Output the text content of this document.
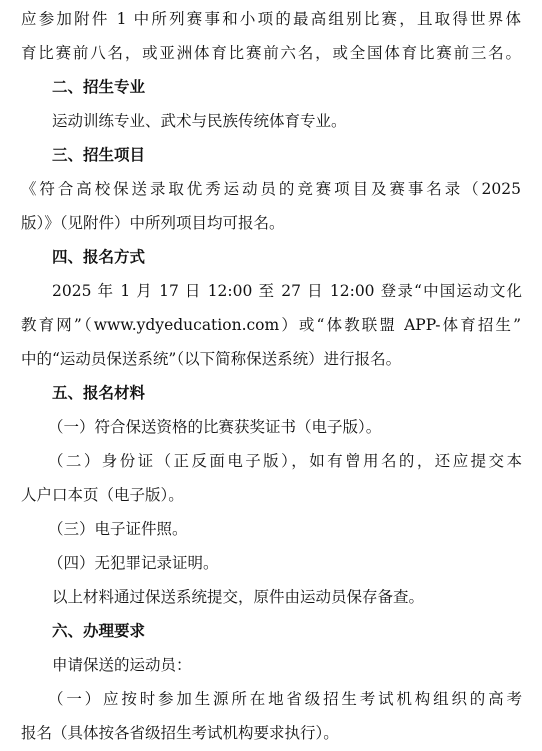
应参加附件 1 中所列赛事和小项的最高组别比赛，且取得世界体
育比赛前八名，或亚洲体育比赛前六名，或全国体育比赛前三名。
二、招生专业
运动训练专业、武术与民族传统体育专业。
三、招生项目
《符合高校保送录取优秀运动员的竞赛项目及赛事名录（2025
版）》（见附件）中所列项目均可报名。
四、报名方式
2025 年 1 月 17 日 12:00 至 27 日 12:00 登录“中国运动文化
教育网”（www.ydyeducation.com）或“体教联盟 APP-体育招生”
中的“运动员保送系统”（以下简称保送系统）进行报名。
五、报名材料
（一）符合保送资格的比赛获奖证书（电子版）。
（二）身份证（正反面电子版），如有曾用名的，还应提交本
人户口本页（电子版）。
（三）电子证件照。
（四）无犯罪记录证明。
以上材料通过保送系统提交，原件由运动员保存备查。
六、办理要求
申请保送的运动员：
（一）应按时参加生源所在地省级招生考试机构组织的高考
报名（具体按各省级招生考试机构要求执行）。
